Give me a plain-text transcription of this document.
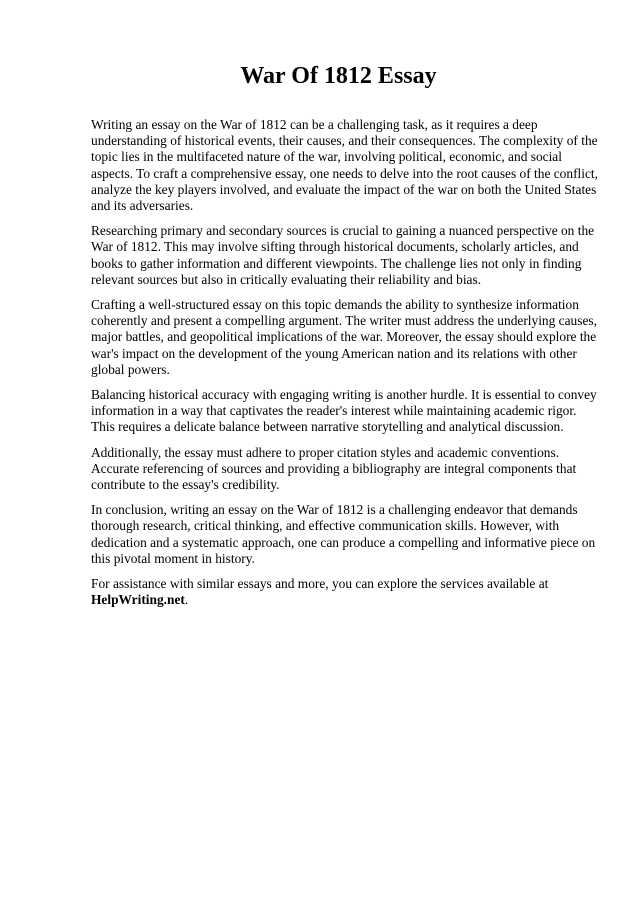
War Of 1812 Essay

Writing an essay on the War of 1812 can be a challenging task, as it requires a deep understanding of historical events, their causes, and their consequences. The complexity of the topic lies in the multifaceted nature of the war, involving political, economic, and social aspects. To craft a comprehensive essay, one needs to delve into the root causes of the conflict, analyze the key players involved, and evaluate the impact of the war on both the United States and its adversaries.

Researching primary and secondary sources is crucial to gaining a nuanced perspective on the War of 1812. This may involve sifting through historical documents, scholarly articles, and books to gather information and different viewpoints. The challenge lies not only in finding relevant sources but also in critically evaluating their reliability and bias.

Crafting a well-structured essay on this topic demands the ability to synthesize information coherently and present a compelling argument. The writer must address the underlying causes, major battles, and geopolitical implications of the war. Moreover, the essay should explore the war's impact on the development of the young American nation and its relations with other global powers.

Balancing historical accuracy with engaging writing is another hurdle. It is essential to convey information in a way that captivates the reader's interest while maintaining academic rigor. This requires a delicate balance between narrative storytelling and analytical discussion.

Additionally, the essay must adhere to proper citation styles and academic conventions. Accurate referencing of sources and providing a bibliography are integral components that contribute to the essay's credibility.

In conclusion, writing an essay on the War of 1812 is a challenging endeavor that demands thorough research, critical thinking, and effective communication skills. However, with dedication and a systematic approach, one can produce a compelling and informative piece on this pivotal moment in history.

For assistance with similar essays and more, you can explore the services available at HelpWriting.net.
